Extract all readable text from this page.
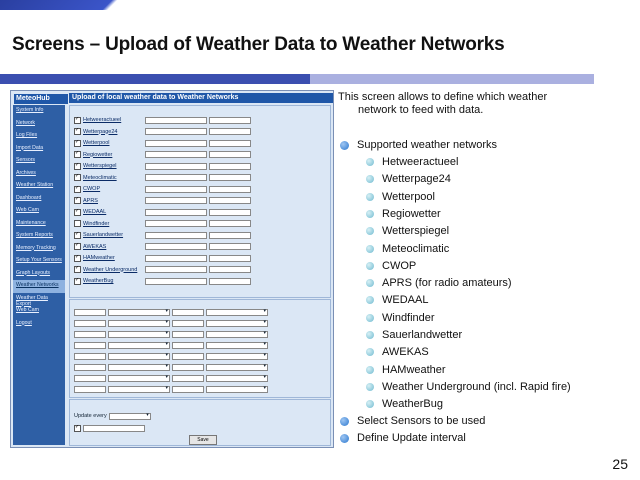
Screens – Upload of Weather Data to Weather Networks
MeteoHub
System Info
Network
Log Files
Import Data
Sensors
Archives
Weather Station
Dashboard
Web Cam
Maintenance
System Reports
Memory Tracking
Setup Your Sensors
Graph Layouts
Weather Networks
Weather Data Export
Web Cam
Logout
Upload of local weather data to Weather Networks
✓
Hetweeractueel
✓
Wetterpage24
✓
Wetterpool
✓
Regiowetter
✓
Wetterspiegel
✓
Meteoclimatic
✓
CWOP
✓
APRS
✓
WEDAAL
Windfinder
✓
Sauerlandwetter
✓
AWEKAS
✓
HAMweather
✓
Weather Underground
✓
WeatherBug
▾
▾
▾
▾
▾
▾
▾
▾
▾
▾
▾
▾
▾
▾
▾
▾
Update every
▾
✓
Save
This screen allows to define which weather
network to feed with data.
Supported weather networks
Hetweeractueel
Wetterpage24
Wetterpool
Regiowetter
Wetterspiegel
Meteoclimatic
CWOP
APRS (for radio amateurs)
WEDAAL
Windfinder
Sauerlandwetter
AWEKAS
HAMweather
Weather Underground (incl. Rapid fire)
WeatherBug
Select Sensors to be used
Define Update interval
25
